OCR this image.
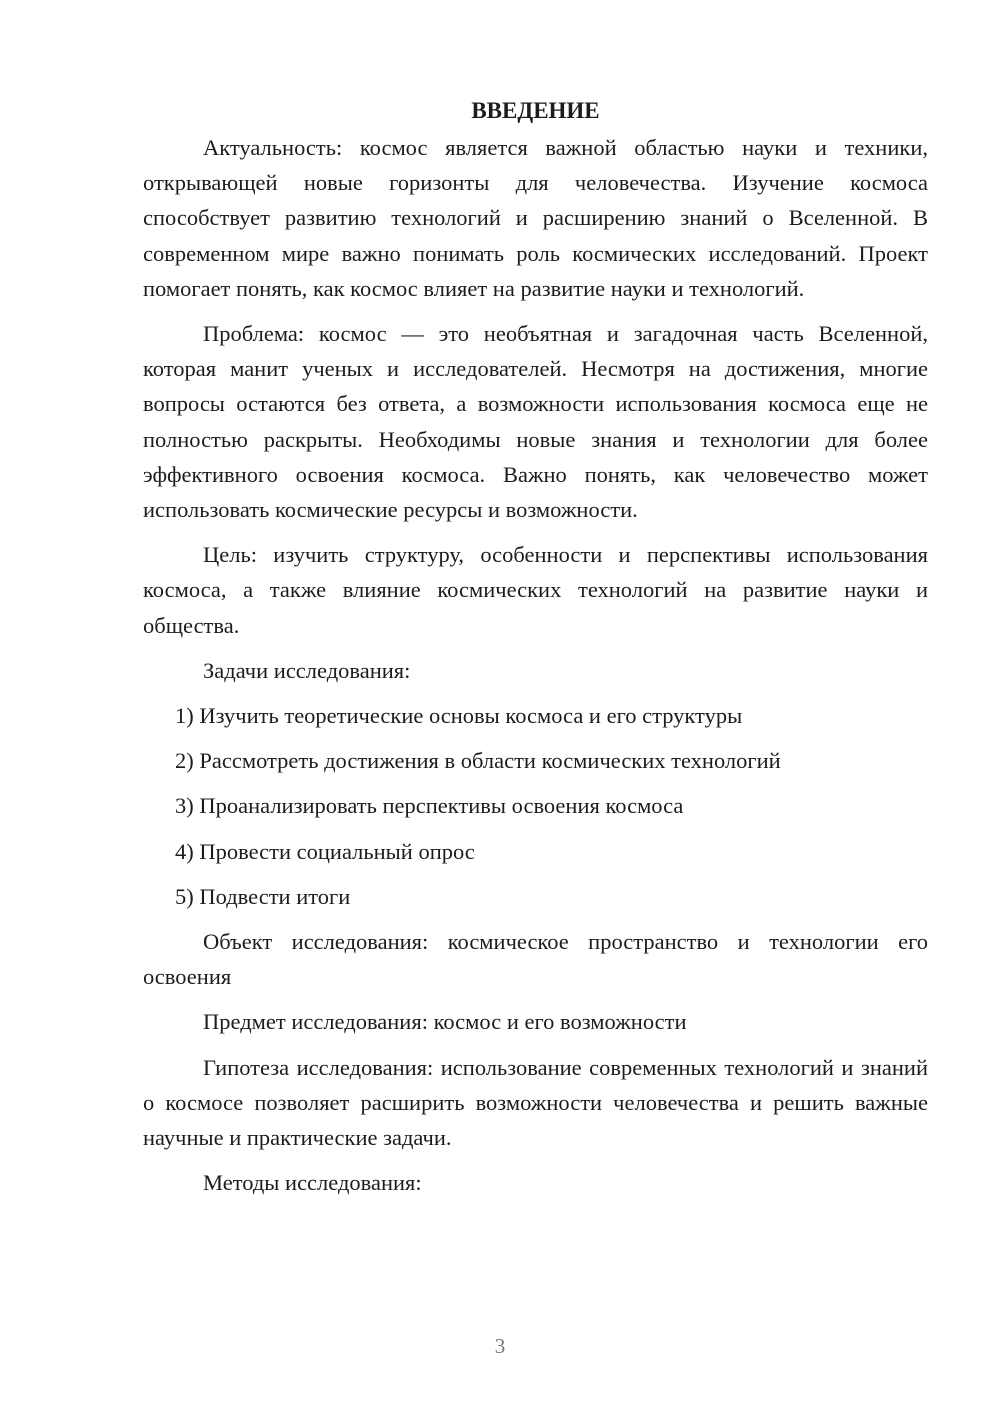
ВВЕДЕНИЕ

Актуальность: космос является важной областью науки и техники, открывающей новые горизонты для человечества. Изучение космоса способствует развитию технологий и расширению знаний о Вселенной. В современном мире важно понимать роль космических исследований. Проект помогает понять, как космос влияет на развитие науки и технологий.

Проблема: космос — это необъятная и загадочная часть Вселенной, которая манит ученых и исследователей. Несмотря на достижения, многие вопросы остаются без ответа, а возможности использования космоса еще не полностью раскрыты. Необходимы новые знания и технологии для более эффективного освоения космоса. Важно понять, как человечество может использовать космические ресурсы и возможности.

Цель: изучить структуру, особенности и перспективы использования космоса, а также влияние космических технологий на развитие науки и общества.

Задачи исследования:

1) Изучить теоретические основы космоса и его структуры
2) Рассмотреть достижения в области космических технологий
3) Проанализировать перспективы освоения космоса
4) Провести социальный опрос
5) Подвести итоги

Объект исследования: космическое пространство и технологии его освоения

Предмет исследования: космос и его возможности

Гипотеза исследования: использование современных технологий и знаний о космосе позволяет расширить возможности человечества и решить важные научные и практические задачи.

Методы исследования:

3
